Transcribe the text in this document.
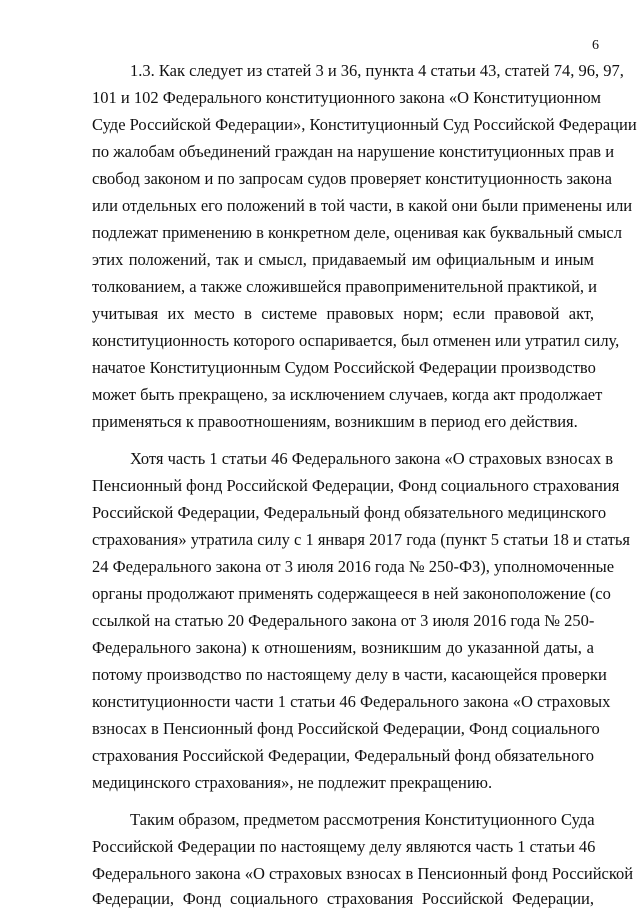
6
1.3. Как следует из статей 3 и 36, пункта 4 статьи 43, статей 74, 96, 97,
101 и 102 Федерального конституционного закона «О Конституционном
Суде Российской Федерации», Конституционный Суд Российской Федерации
по жалобам объединений граждан на нарушение конституционных прав и
свобод законом и по запросам судов проверяет конституционность закона
или отдельных его положений в той части, в какой они были применены или
подлежат применению в конкретном деле, оценивая как буквальный смысл
этих положений, так и смысл, придаваемый им официальным и иным
толкованием, а также сложившейся правоприменительной практикой, и
учитывая их место в системе правовых норм; если правовой акт,
конституционность которого оспаривается, был отменен или утратил силу,
начатое Конституционным Судом Российской Федерации производство
может быть прекращено, за исключением случаев, когда акт продолжает
применяться к правоотношениям, возникшим в период его действия.
Хотя часть 1 статьи 46 Федерального закона «О страховых взносах в
Пенсионный фонд Российской Федерации, Фонд социального страхования
Российской Федерации, Федеральный фонд обязательного медицинского
страхования» утратила силу с 1 января 2017 года (пункт 5 статьи 18 и статья
24 Федерального закона от 3 июля 2016 года № 250-ФЗ), уполномоченные
органы продолжают применять содержащееся в ней законоположение (со
ссылкой на статью 20 Федерального закона от 3 июля 2016 года № 250-
Федерального закона) к отношениям, возникшим до указанной даты, а
потому производство по настоящему делу в части, касающейся проверки
конституционности части 1 статьи 46 Федерального закона «О страховых
взносах в Пенсионный фонд Российской Федерации, Фонд социального
страхования Российской Федерации, Федеральный фонд обязательного
медицинского страхования», не подлежит прекращению.
Таким образом, предметом рассмотрения Конституционного Суда
Российской Федерации по настоящему делу являются часть 1 статьи 46
Федерального закона «О страховых взносах в Пенсионный фонд Российской
Федерации, Фонд социального страхования Российской Федерации,
